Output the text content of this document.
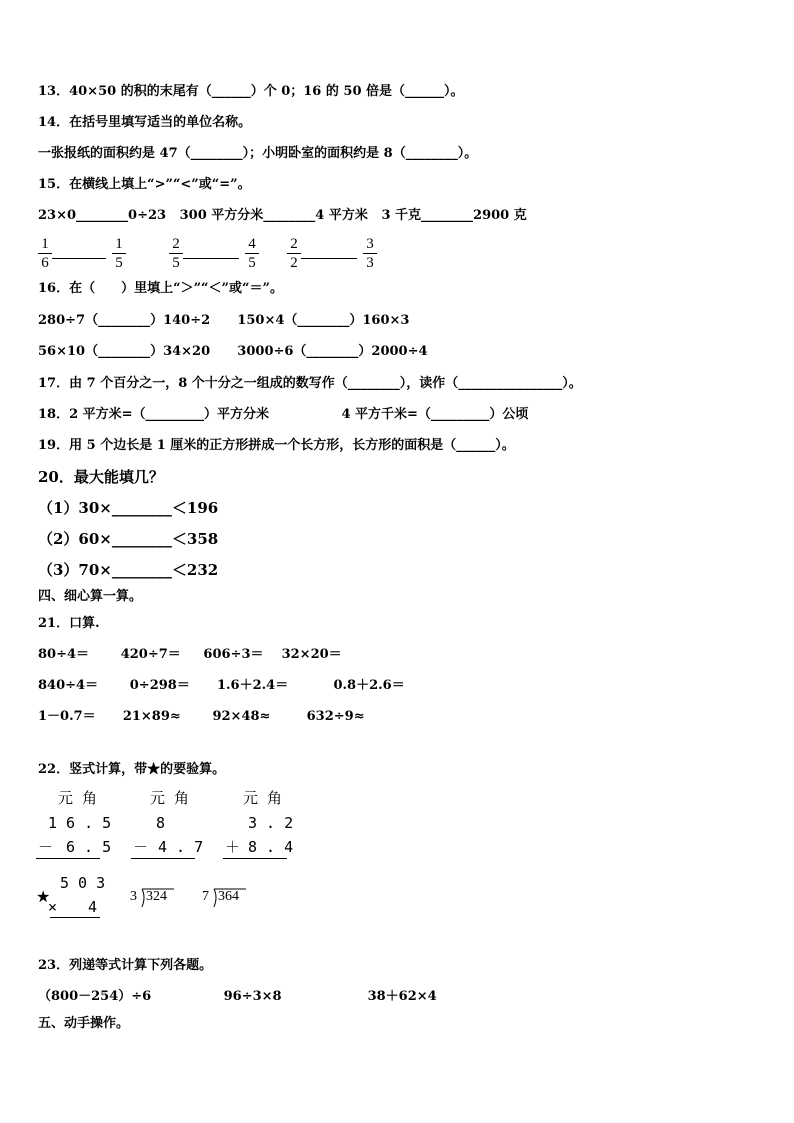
13．40×50 的积的末尾有（______）个 0；16 的 50 倍是（______）。
14．在括号里填写适当的单位名称。
一张报纸的面积约是 47（________）；小明卧室的面积约是 8（________）。
15．在横线上填上“>”“<”或“=”。
23×0________0÷23   300 平方分米________4 平方米   3 千克________2900 克
1
6
1
5
2
5
4
5
2
2
3
3
16．在（　　）里填上“＞”“＜”或“＝”。
280÷7（________）140÷2      150×4（________）160×3
56×10（________）34×20      3000÷6（________）2000÷4
17．由 7 个百分之一，8 个十分之一组成的数写作（________），读作（________________）。
18．2 平方米=（_________）平方分米                4 平方千米=（_________）公顷
19．用 5 个边长是 1 厘米的正方形拼成一个长方形，长方形的面积是（______）。
20．最大能填几？
（1）30×________＜196
（2）60×________＜358
（3）70×________＜232
四、细心算一算。
21．口算.
80÷4＝       420÷7＝     606÷3＝    32×20＝
840÷4＝       0÷298＝      1.6＋2.4＝          0.8＋2.6＝
1－0.7＝      21×89≈       92×48≈        632÷9≈
22．竖式计算，带★的要验算。
元 角
1 6 . 5
－ 6 . 5
元 角
8
－ 4 . 7
元 角
3 . 2
＋ 8 . 4
★
5 0 3
× 4
3 324	7 364
23．列递等式计算下列各题。
（800－254）÷6                96÷3×8                   38＋62×4
五、动手操作。
